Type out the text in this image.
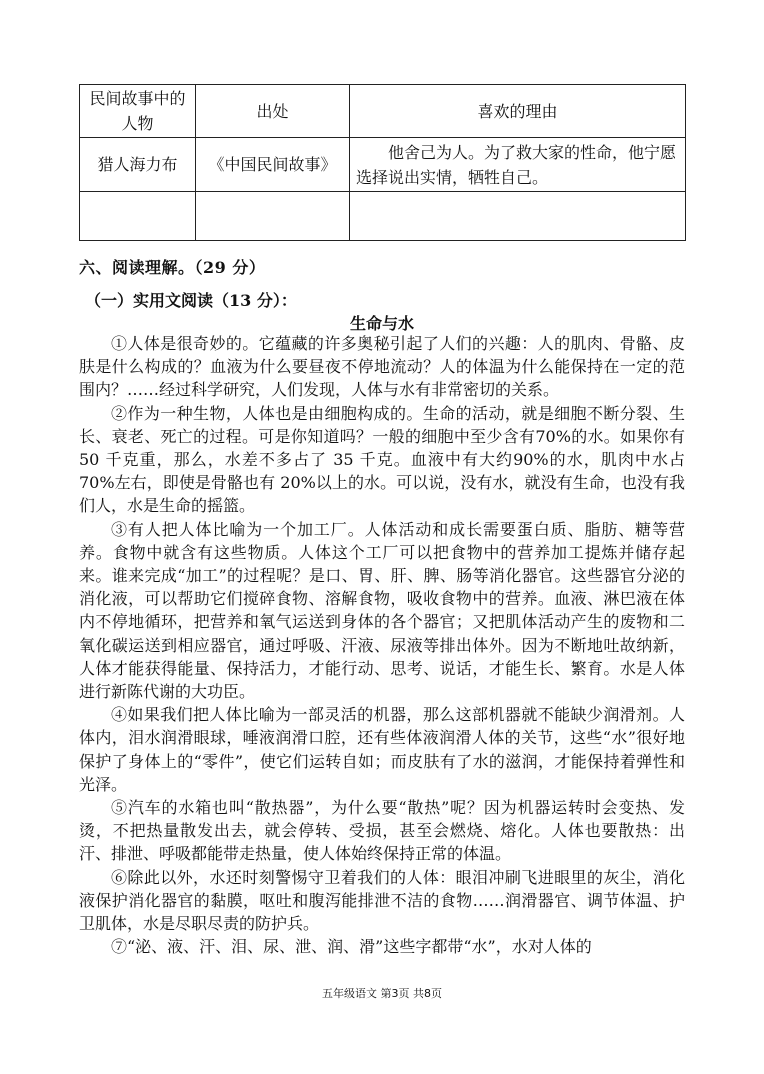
民间故事中的人物	出处	喜欢的理由
猎人海力布	《中国民间故事》	他舍己为人。为了救大家的性命，他宁愿选择说出实情，牺牲自己。

六、阅读理解。（29 分）
（一）实用文阅读（13 分）：
生命与水

①人体是很奇妙的。它蕴藏的许多奥秘引起了人们的兴趣：人的肌肉、骨骼、皮肤是什么构成的？血液为什么要昼夜不停地流动？人的体温为什么能保持在一定的范围内？……经过科学研究，人们发现，人体与水有非常密切的关系。

②作为一种生物，人体也是由细胞构成的。生命的活动，就是细胞不断分裂、生长、衰老、死亡的过程。可是你知道吗？一般的细胞中至少含有70%的水。如果你有 50 千克重，那么，水差不多占了 35 千克。血液中有大约90%的水，肌肉中水占 70%左右，即使是骨骼也有 20%以上的水。可以说，没有水，就没有生命，也没有我们人，水是生命的摇篮。

③有人把人体比喻为一个加工厂。人体活动和成长需要蛋白质、脂肪、糖等营养。食物中就含有这些物质。人体这个工厂可以把食物中的营养加工提炼并储存起来。谁来完成“加工”的过程呢？是口、胃、肝、脾、肠等消化器官。这些器官分泌的消化液，可以帮助它们搅碎食物、溶解食物，吸收食物中的营养。血液、淋巴液在体内不停地循环，把营养和氧气运送到身体的各个器官；又把肌体活动产生的废物和二氧化碳运送到相应器官，通过呼吸、汗液、尿液等排出体外。因为不断地吐故纳新，人体才能获得能量、保持活力，才能行动、思考、说话，才能生长、繁育。水是人体进行新陈代谢的大功臣。

④如果我们把人体比喻为一部灵活的机器，那么这部机器就不能缺少润滑剂。人体内，泪水润滑眼球，唾液润滑口腔，还有些体液润滑人体的关节，这些“水”很好地保护了身体上的“零件”，使它们运转自如；而皮肤有了水的滋润，才能保持着弹性和光泽。

⑤汽车的水箱也叫“散热器”，为什么要“散热”呢？因为机器运转时会变热、发烫，不把热量散发出去，就会停转、受损，甚至会燃烧、熔化。人体也要散热：出汗、排泄、呼吸都能带走热量，使人体始终保持正常的体温。

⑥除此以外，水还时刻警惕守卫着我们的人体：眼泪冲刷飞进眼里的灰尘，消化液保护消化器官的黏膜，呕吐和腹泻能排泄不洁的食物……润滑器官、调节体温、护卫肌体，水是尽职尽责的防护兵。

⑦“泌、液、汗、泪、尿、泄、润、滑”这些字都带“水”，水对人体的

五年级语文 第3页 共8页
